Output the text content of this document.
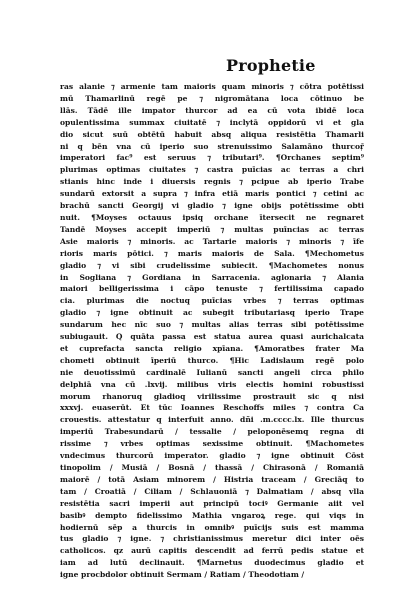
Prophetie
ras alanie ⁊ armenie tam maioris quam minoris ⁊ cōtra potētissi
mū Thamarlinū regē pe ⁊ nigromātana loca cōtinuo be
llās. Tādē ille impator thurcor ad ea cū vota ibidē loca
opulentissima summax ciuitatē ⁊ inclytā oppidorū vi et gla
dio sicut suū obtētū habuit absq aliqua resistētia Thamarli
ni q bēn vna cū iperio suo strenuissimo Salamāno thurcoṝ
imperatori fac⁹ est seruus ⁊ tributari⁹. ¶Orchanes septim⁹
plurimas optimas ciuitates ⁊ castra puīcias ac terras a chri
stianis hinc inde i diuersis regnis ⁊ pcipue ab iperio Trabe
sundarū extorsit a supra ⁊ infra etiā maris pontici ⁊ cetini ac
brachū sancti Georgij vi gladio ⁊ igne obijs potētissime obti
nuit. ¶Moyses octauus ipsiq orchane ītersecit ne regnaret
Tandē Moyses accepit imperiū ⁊ multas puīncias ac terras
Asie maioris ⁊ minoris. ac Tartarie maioris ⁊ minoris ⁊ īfe
rioris maris pōtici. ⁊ maris maioris de Sala. ¶Mechometus
gladio ⁊ vi sibi crudelissime subiecit. ¶Machometes nonus
in Sogliana ⁊ Gordiana in Sarracenia. aglonaria ⁊ Alania
maiori belligerissima i cāpo tenuste ⁊ fertilissima capado
cia. plurimas die noctuq puīcias vrbes ⁊ terras optimas
gladio ⁊ igne obtinuit ac subegit tributariasq iperio Trape
sundarum hec nīc suo ⁊ multas alias terras sibi potētissime
subiugauit. Q quāta passa est statua aurea quasi aurichalcata
et cuprefacta sancta religio xpīana. ¶Amoratbes frater Ma
chometi obtinuit īperiū thurco. ¶Hic Ladislaum regē polo
nie deuotissimū cardinalē Iulianū sancti angeli circa philo
delphiā vna cū .lxvij. milibus viris electis homini robustissi
morum rhanoruq gladioq virilissime prostrauit sic q nisi
xxxvj. euaserūt. Et tūc Ioannes Reschoffs miles ⁊ contra Ca
crouestis. attestatur q interfuit anno. dñi .m.cccc.lx. Ille thurcus
imperiū Trabesundarū / tessalie / peloponēsemq regna di
rissime ⁊ vrbes optimas sexissime obtinuit. ¶Machometes
vndecimus thurcorū imperator. gladio ⁊ igne obtinuit Cōst
tinopolim / Musiā / Bosnā / thassā / Chirasonā / Romaniā
maiorē / totā Asiam minorem / Histria traceam / Greciāq to
tam / Croatiā / Ciliam / Schlauoniā ⁊ Dalmatiam / absq vlla
resistētia sacri imperii aut principū tociꝰ Germanie aiit vel
basibꝰ dempto fidelissimo Mathia vngaroꝝ rege. qui viqs in
hodiernū sēp a thurcis in omnibꝰ puīcijs suis est mamma
tus gladio ⁊ igne. ⁊ christianissimus meretur dici inter oēs
catholicos. qz aurū capitis descendit ad ferrū pedis statue et
iam ad lutū declinauit. ¶Marnetus duodecimus gladio et
igne procbdolor obtinuit Sermam / Ratiam / Theodotiam /
